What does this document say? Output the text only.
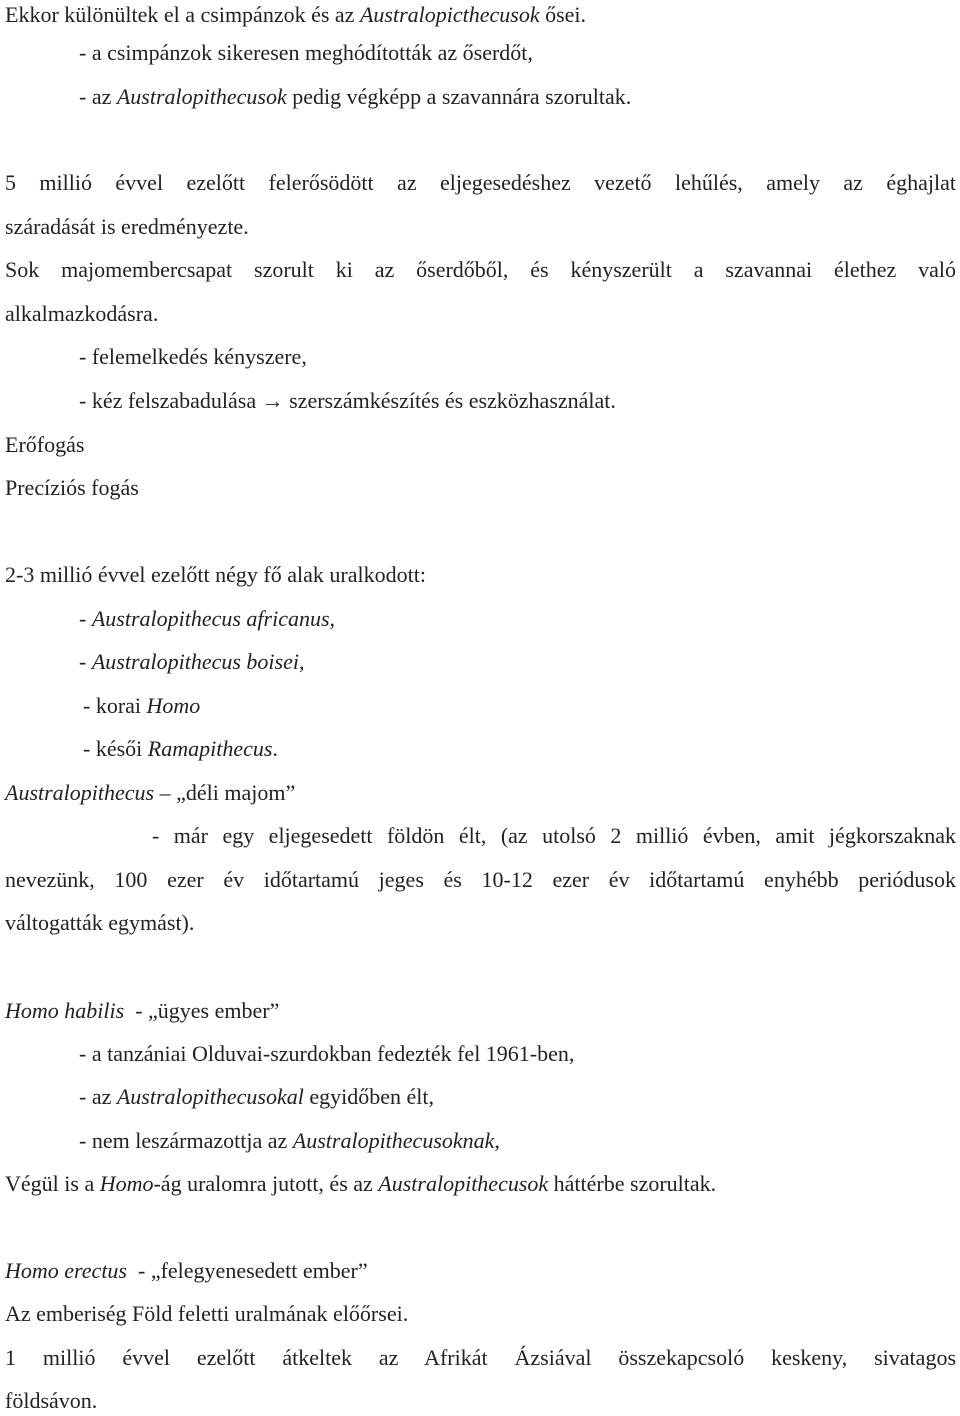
Ekkor különültek el a csimpánzok és az Australopicthecusok ősei.
- a csimpánzok sikeresen meghódították az őserdőt,
- az Australopithecusok pedig végképp a szavannára szorultak.
5 millió évvel ezelőtt felerősödött az eljegesedéshez vezető lehűlés, amely az éghajlat
száradását is eredményezte.
Sok majomembercsapat szorult ki az őserdőből, és kényszerült a szavannai élethez való
alkalmazkodásra.
- felemelkedés kényszere,
- kéz felszabadulása → szerszámkészítés és eszközhasználat.
Erőfogás
Precíziós fogás
2-3 millió évvel ezelőtt négy fő alak uralkodott:
- Australopithecus africanus,
- Australopithecus boisei,
- korai Homo
- késői Ramapithecus.
Australopithecus – „déli majom”
- már egy eljegesedett földön élt, (az utolsó 2 millió évben, amit jégkorszaknak
nevezünk, 100 ezer év időtartamú jeges és 10-12 ezer év időtartamú enyhébb periódusok
váltogatták egymást).
Homo habilis  - „ügyes ember”
- a tanzániai Olduvai-szurdokban fedezték fel 1961-ben,
- az Australopithecusokal egyidőben élt,
- nem leszármazottja az Australopithecusoknak,
Végül is a Homo-ág uralomra jutott, és az Australopithecusok háttérbe szorultak.
Homo erectus  - „felegyenesedett ember”
Az emberiség Föld feletti uralmának előőrsei.
1 millió évvel ezelőtt átkeltek az Afrikát Ázsiával összekapcsoló keskeny, sivatagos
földsávon.
